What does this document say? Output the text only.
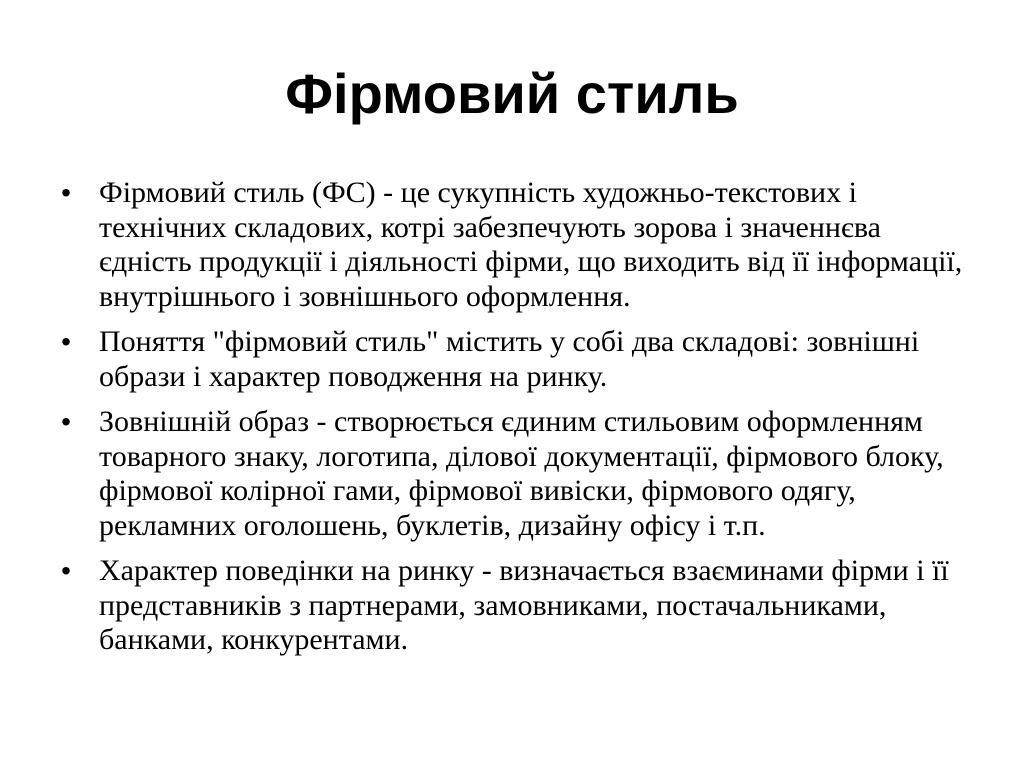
Фірмовий стиль
• Фірмовий стиль (ФС) - це сукупність художньо-текстових і технічних складових, котрі забезпечують зорова і значеннєва єдність продукції і діяльності фірми, що виходить від її інформації, внутрішнього і зовнішнього оформлення.
• Поняття "фірмовий стиль" містить у собі два складові: зовнішні образи і характер поводження на ринку.
• Зовнішній образ - створюється єдиним стильовим оформленням товарного знаку, логотипа, ділової документації, фірмового блоку, фірмової колірної гами, фірмової вивіски, фірмового одягу, рекламних оголошень, буклетів, дизайну офісу і т.п.
• Характер поведінки на ринку - визначається взаєминами фірми і її представників з партнерами, замовниками, постачальниками, банками, конкурентами.
